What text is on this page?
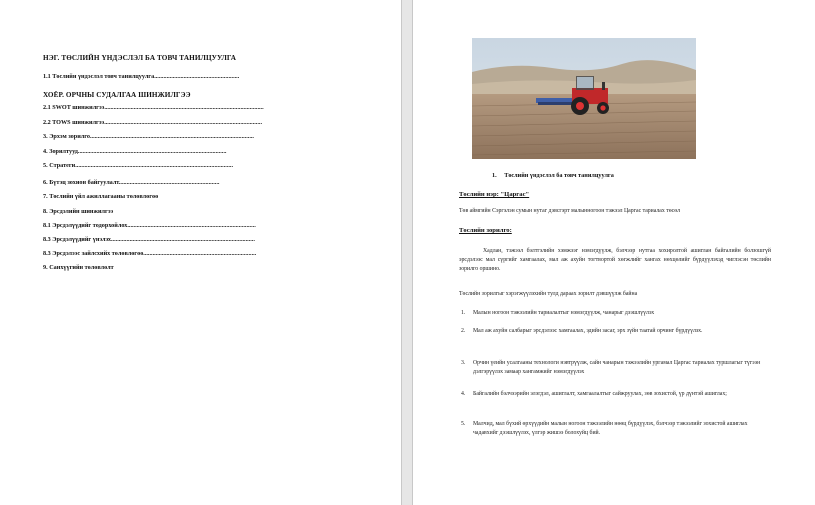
НЭГ. ТӨСЛИЙН ҮНДЭСЛЭЛ БА ТОВЧ ТАНИЛЦУУЛГА
1.1 Төслийн үндэслэл товч танилцуулга.......................................................
ХОЁР. ОРЧНЫ СУДАЛГАА ШИНЖИЛГЭЭ
2.1 SWOT шинжилгээ.......................................................................................................
2.2 TOWS шинжилгээ......................................................................................................
3. Эрхэм зорилго..........................................................................................................
4. Зорилтууд................................................................................................
5. Стратеги......................................................................................................
6. Бүтэц зохион байгуулалт.................................................................
7. Төслийн үйл ажиллагааны төлөвлөгөө
8. Эрсдэлийн шинжилгээ
8.1 Эрсдэлүүдийг тодорхойлох...................................................................................
8.3 Эрсдэлүүдийг үнэлэх.............................................................................................
8.3 Эрсдэлээс зайлсхийх төлөвлөгөө.........................................................................
9. Санхүүгийн төлөвлөлт
1. Төслийн үндэслэл ба товч танилцуулга
Төслийн нэр: "Царгас"
Төв аймгийн Сэргэлэн сумын нутаг дэвсгэрт малынногоон тэжээл Царгас тариалах төсөл
Төслийн зорилго:
Хадлан, тэжээл бэлтгэлийн хэмжээг нэмэгдүүлж, бэлчээр нутгаа хохиролтой ашиглан байгалийн болзошгүй эрсдэлээс мал сүргийг хамгаалах, мал аж ахуйн тогтвортой хөгжлийг хангах нөхцөлийг бүрдүүлэхэд чиглэсэн төслийн зорилго оршино.
Төслийн зорилгыг хэрэгжүүлэхийн тулд дараах зорилт дэвшүүлж байна
1. Малын ногоон тэжээлийн тариалалтыг нэмэгдүүлж, чанарыг дээшлүүлэх
2. Мал аж ахуйн салбарыг эрсдэлээс хамгаалах, эдийн засаг, эрх зүйн таатай орчинг бүрдүүлэх.
3. Орчин үеийн усалгааны технологи нэвтрүүлж, сайн чанарын тэжээлийн ургамал Царгас тариалах туршлагыг түгээн дэлгэрүүлэх замаар хангамжийг нэмэгдүүлэх
4. Байгалийн бэлчээрийн элэгдэл, ашиглалт, хамгаалалтыг сайжруулах, зөв зохистой, үр дүнтэй ашиглах;
5. Малчид, мал бүхий өрхүүдийн малын ногоон тэжээлийн нөөц бүрдүүлэх, бэлчээр тэжээлийг зохистой ашиглах чадавхийг дээшлүүлэх, үлгэр жишээ болохуйц бий.
